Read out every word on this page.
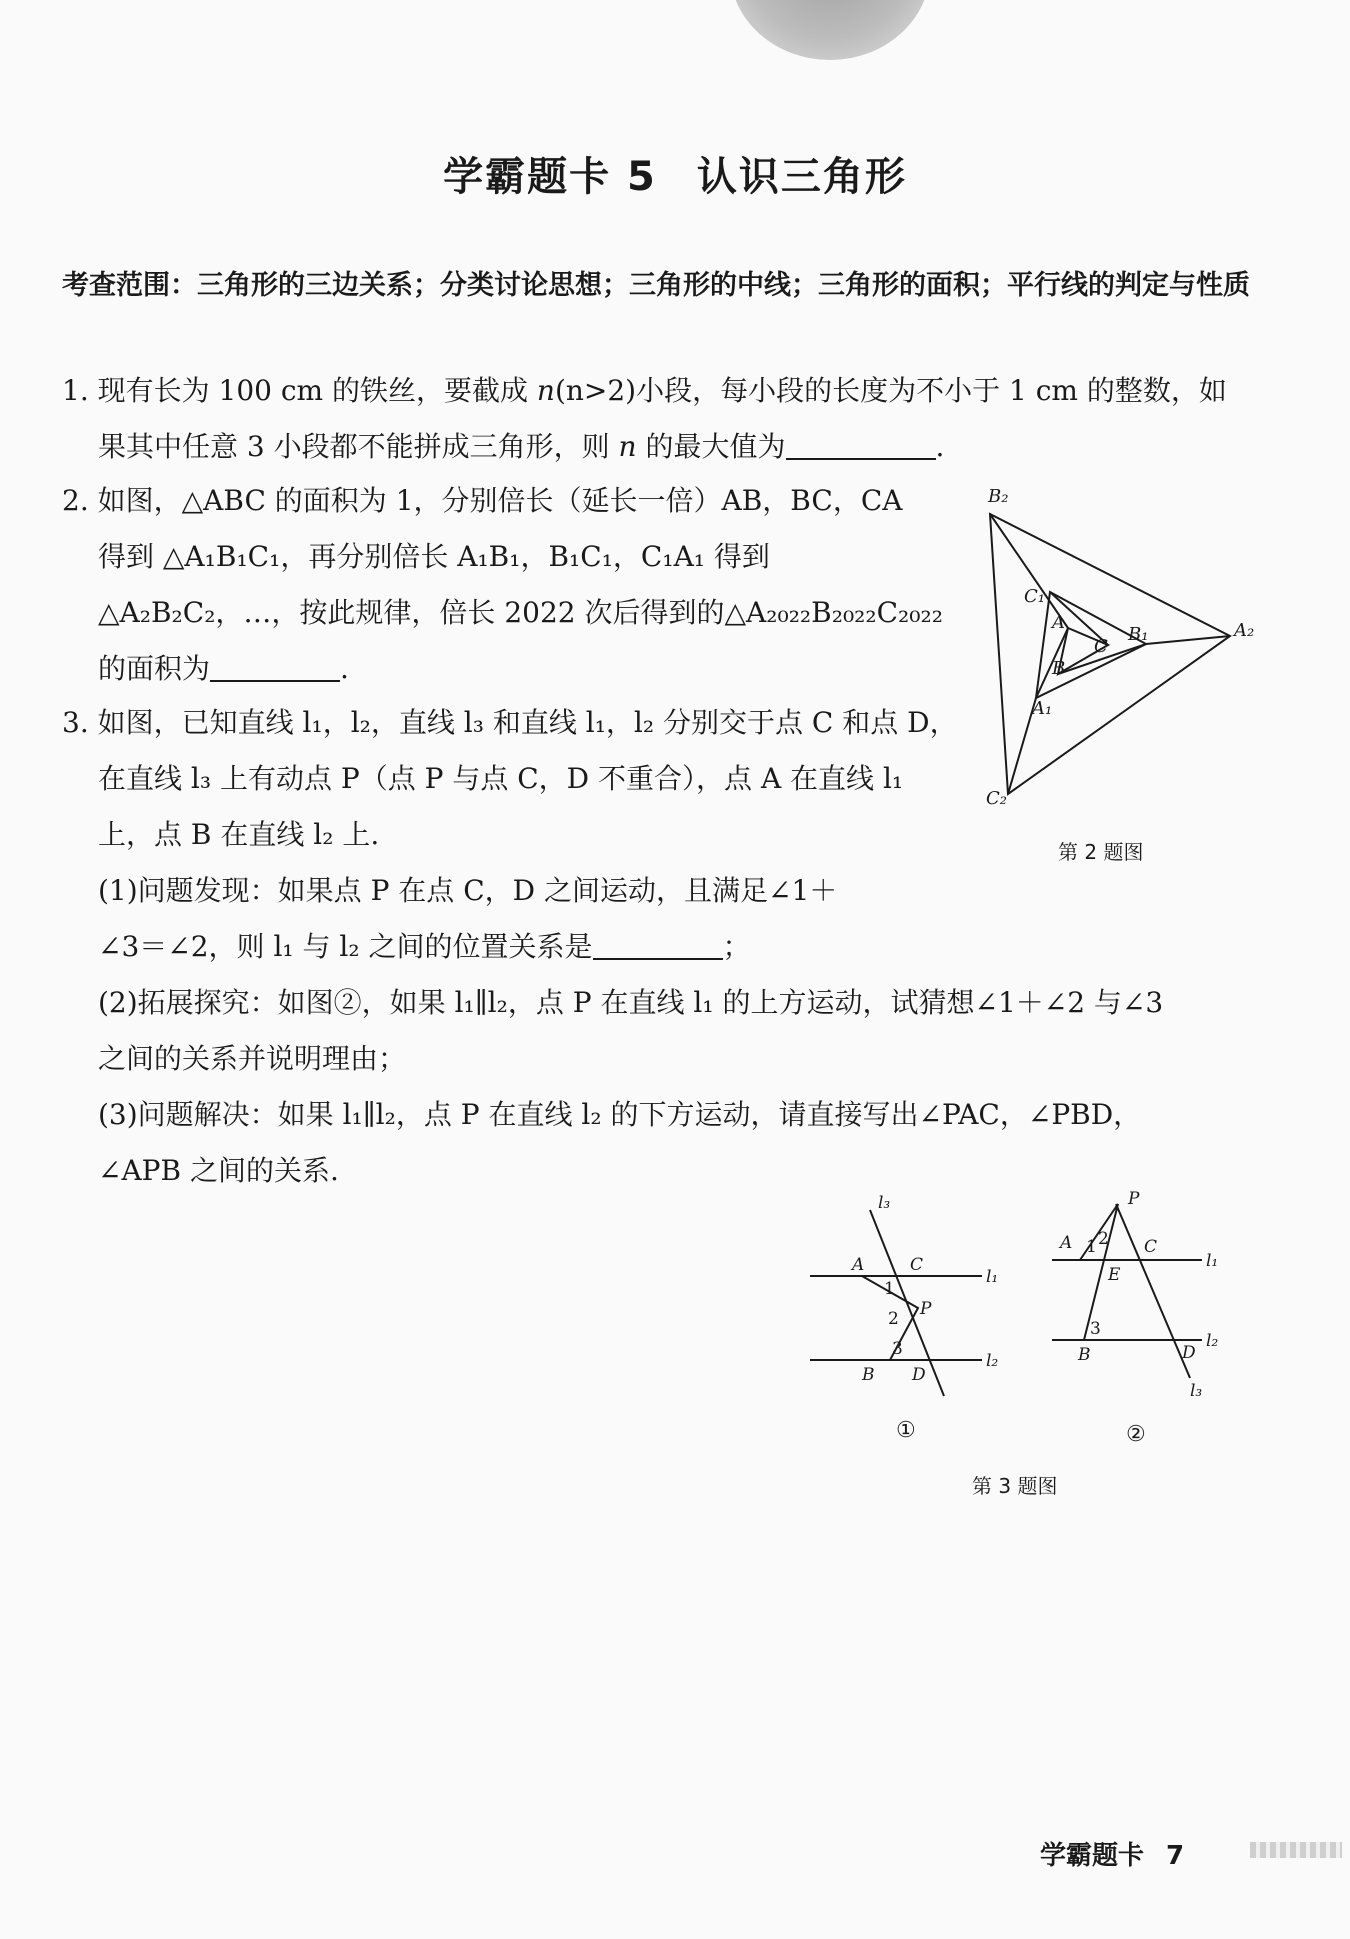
学霸题卡 5 认识三角形
考查范围：三角形的三边关系；分类讨论思想；三角形的中线；三角形的面积；平行线的判定与性质
1. 现有长为 100 cm 的铁丝，要截成 n(n>2)小段，每小段的长度为不小于 1 cm 的整数，如
果其中任意 3 小段都不能拼成三角形，则 n 的最大值为	.
2. 如图，△ABC 的面积为 1，分别倍长（延长一倍）AB，BC，CA
得到 △A₁B₁C₁，再分别倍长 A₁B₁，B₁C₁，C₁A₁ 得到
△A₂B₂C₂，…，按此规律，倍长 2022 次后得到的△A₂₀₂₂B₂₀₂₂C₂₀₂₂
的面积为	.
3. 如图，已知直线 l₁，l₂，直线 l₃ 和直线 l₁，l₂ 分别交于点 C 和点 D，
在直线 l₃ 上有动点 P（点 P 与点 C，D 不重合），点 A 在直线 l₁
上，点 B 在直线 l₂ 上.
(1)问题发现：如果点 P 在点 C，D 之间运动，且满足∠1＋
∠3＝∠2，则 l₁ 与 l₂ 之间的位置关系是	；
(2)拓展探究：如图②，如果 l₁∥l₂，点 P 在直线 l₁ 的上方运动，试猜想∠1＋∠2 与∠3
之间的关系并说明理由；
(3)问题解决：如果 l₁∥l₂，点 P 在直线 l₂ 的下方运动，请直接写出∠PAC，∠PBD，
∠APB 之间的关系.
B₂
A₂
C₂
C₁
A
C
B₁
B
A₁
第 2 题图
l₃
A	C
l₁
1
2 P
3
l₂
B D
①
P
A 1 2 C
l₁
E
3
l₂
B	D
l₃
②
第 3 题图
学霸题卡 7
